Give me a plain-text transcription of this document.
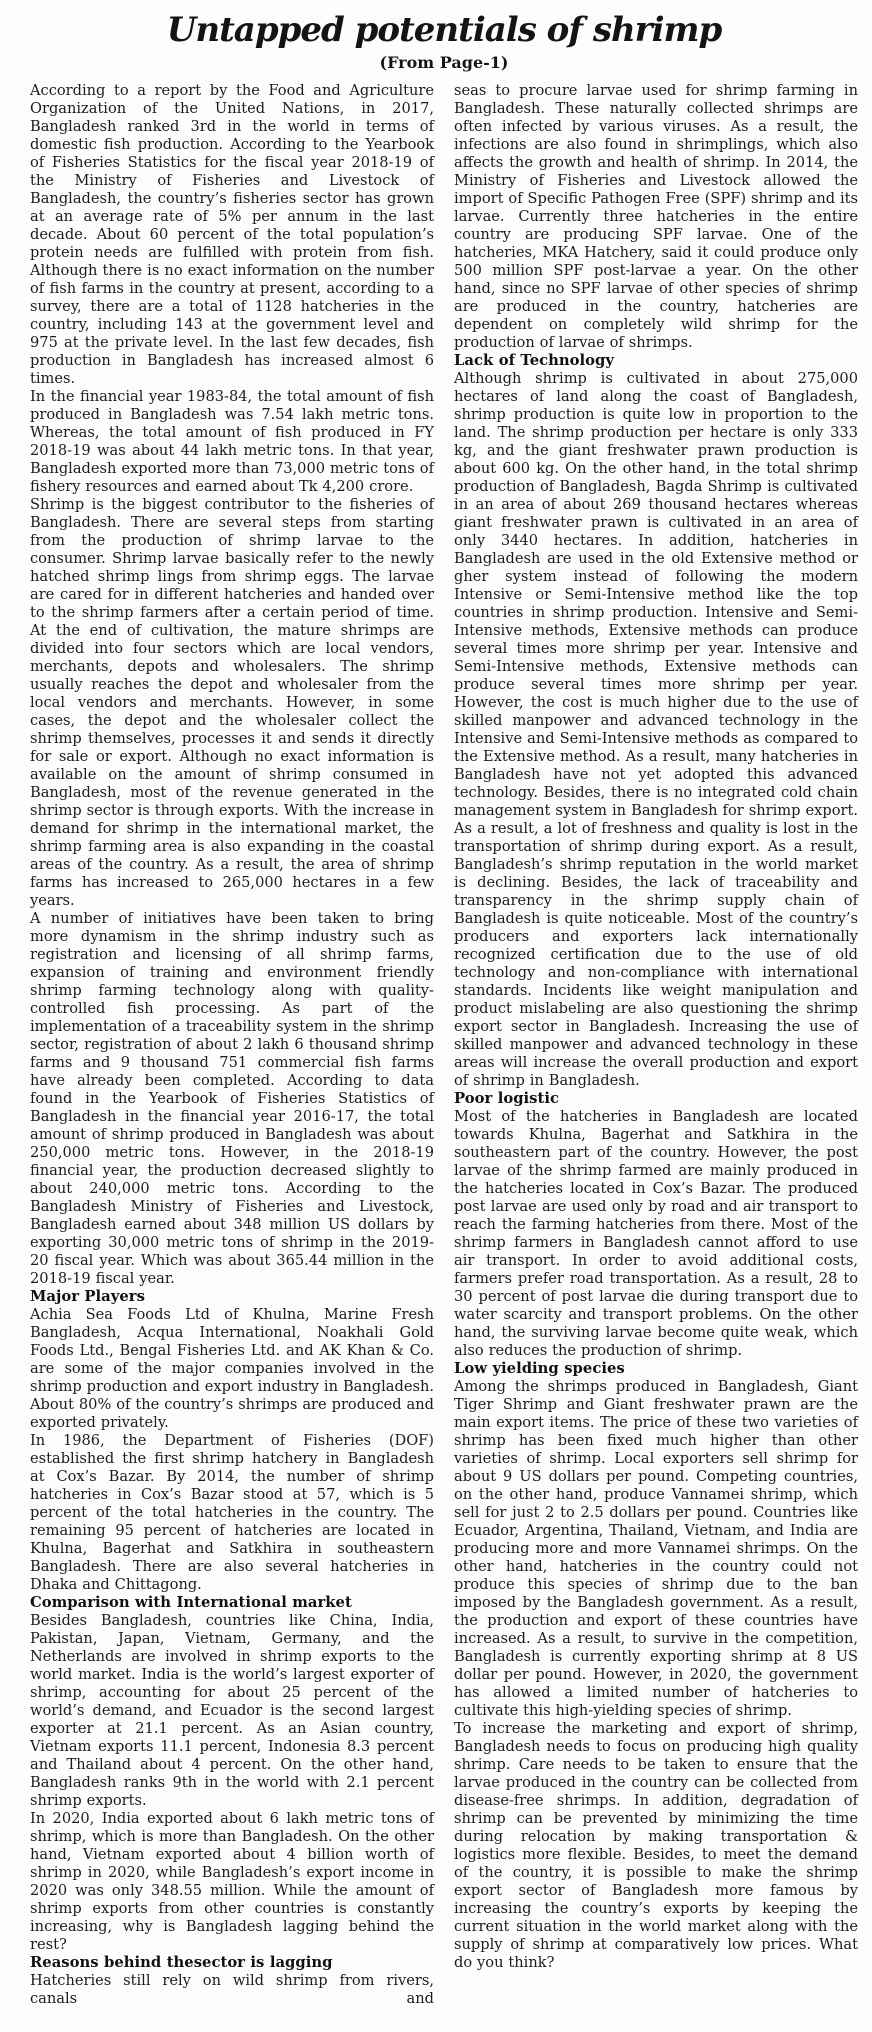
Untapped potentials of shrimp

(From Page-1)

According to a report by the Food and Agriculture Organization of the United Nations, in 2017, Bangladesh ranked 3rd in the world in terms of domestic fish production. According to the Yearbook of Fisheries Statistics for the fiscal year 2018-19 of the Ministry of Fisheries and Livestock of Bangladesh, the country’s fisheries sector has grown at an average rate of 5% per annum in the last decade. About 60 percent of the total population’s protein needs are fulfilled with protein from fish. Although there is no exact information on the number of fish farms in the country at present, according to a survey, there are a total of 1128 hatcheries in the country, including 143 at the government level and 975 at the private level. In the last few decades, fish production in Bangladesh has increased almost 6 times.

In the financial year 1983-84, the total amount of fish produced in Bangladesh was 7.54 lakh metric tons. Whereas, the total amount of fish produced in FY 2018-19 was about 44 lakh metric tons. In that year, Bangladesh exported more than 73,000 metric tons of fishery resources and earned about Tk 4,200 crore.

Shrimp is the biggest contributor to the fisheries of Bangladesh. There are several steps from starting from the production of shrimp larvae to the consumer. Shrimp larvae basically refer to the newly hatched shrimp lings from shrimp eggs. The larvae are cared for in different hatcheries and handed over to the shrimp farmers after a certain period of time. At the end of cultivation, the mature shrimps are divided into four sectors which are local vendors, merchants, depots and wholesalers. The shrimp usually reaches the depot and wholesaler from the local vendors and merchants. However, in some cases, the depot and the wholesaler collect the shrimp themselves, processes it and sends it directly for sale or export. Although no exact information is available on the amount of shrimp consumed in Bangladesh, most of the revenue generated in the shrimp sector is through exports. With the increase in demand for shrimp in the international market, the shrimp farming area is also expanding in the coastal areas of the country. As a result, the area of shrimp farms has increased to 265,000 hectares in a few years.

A number of initiatives have been taken to bring more dynamism in the shrimp industry such as registration and licensing of all shrimp farms, expansion of training and environment friendly shrimp farming technology along with quality-controlled fish processing. As part of the implementation of a traceability system in the shrimp sector, registration of about 2 lakh 6 thousand shrimp farms and 9 thousand 751 commercial fish farms have already been completed. According to data found in the Yearbook of Fisheries Statistics of Bangladesh in the financial year 2016-17, the total amount of shrimp produced in Bangladesh was about 250,000 metric tons. However, in the 2018-19 financial year, the production decreased slightly to about 240,000 metric tons. According to the Bangladesh Ministry of Fisheries and Livestock, Bangladesh earned about 348 million US dollars by exporting 30,000 metric tons of shrimp in the 2019-20 fiscal year. Which was about 365.44 million in the 2018-19 fiscal year.

Major Players

Achia Sea Foods Ltd of Khulna, Marine Fresh Bangladesh, Acqua International, Noakhali Gold Foods Ltd., Bengal Fisheries Ltd. and AK Khan & Co. are some of the major companies involved in the shrimp production and export industry in Bangladesh. About 80% of the country’s shrimps are produced and exported privately.

In 1986, the Department of Fisheries (DOF) established the first shrimp hatchery in Bangladesh at Cox’s Bazar. By 2014, the number of shrimp hatcheries in Cox’s Bazar stood at 57, which is 5 percent of the total hatcheries in the country. The remaining 95 percent of hatcheries are located in Khulna, Bagerhat and Satkhira in southeastern Bangladesh. There are also several hatcheries in Dhaka and Chittagong.

Comparison with International market

Besides Bangladesh, countries like China, India, Pakistan, Japan, Vietnam, Germany, and the Netherlands are involved in shrimp exports to the world market. India is the world’s largest exporter of shrimp, accounting for about 25 percent of the world’s demand, and Ecuador is the second largest exporter at 21.1 percent. As an Asian country, Vietnam exports 11.1 percent, Indonesia 8.3 percent and Thailand about 4 percent. On the other hand, Bangladesh ranks 9th in the world with 2.1 percent shrimp exports.

In 2020, India exported about 6 lakh metric tons of shrimp, which is more than Bangladesh. On the other hand, Vietnam exported about 4 billion worth of shrimp in 2020, while Bangladesh’s export income in 2020 was only 348.55 million. While the amount of shrimp exports from other countries is constantly increasing, why is Bangladesh lagging behind the rest?

Reasons behind thesector is lagging

Hatcheries still rely on wild shrimp from rivers, canals and

seas to procure larvae used for shrimp farming in Bangladesh. These naturally collected shrimps are often infected by various viruses. As a result, the infections are also found in shrimplings, which also affects the growth and health of shrimp. In 2014, the Ministry of Fisheries and Livestock allowed the import of Specific Pathogen Free (SPF) shrimp and its larvae. Currently three hatcheries in the entire country are producing SPF larvae. One of the hatcheries, MKA Hatchery, said it could produce only 500 million SPF post-larvae a year. On the other hand, since no SPF larvae of other species of shrimp are produced in the country, hatcheries are dependent on completely wild shrimp for the production of larvae of shrimps.

Lack of Technology

Although shrimp is cultivated in about 275,000 hectares of land along the coast of Bangladesh, shrimp production is quite low in proportion to the land. The shrimp production per hectare is only 333 kg, and the giant freshwater prawn production is about 600 kg. On the other hand, in the total shrimp production of Bangladesh, Bagda Shrimp is cultivated in an area of about 269 thousand hectares whereas giant freshwater prawn is cultivated in an area of only 3440 hectares. In addition, hatcheries in Bangladesh are used in the old Extensive method or gher system instead of following the modern Intensive or Semi-Intensive method like the top countries in shrimp production. Intensive and Semi-Intensive methods, Extensive methods can produce several times more shrimp per year. Intensive and Semi-Intensive methods, Extensive methods can produce several times more shrimp per year. However, the cost is much higher due to the use of skilled manpower and advanced technology in the Intensive and Semi-Intensive methods as compared to the Extensive method. As a result, many hatcheries in Bangladesh have not yet adopted this advanced technology. Besides, there is no integrated cold chain management system in Bangladesh for shrimp export. As a result, a lot of freshness and quality is lost in the transportation of shrimp during export. As a result, Bangladesh’s shrimp reputation in the world market is declining. Besides, the lack of traceability and transparency in the shrimp supply chain of Bangladesh is quite noticeable. Most of the country’s producers and exporters lack internationally recognized certification due to the use of old technology and non-compliance with international standards. Incidents like weight manipulation and product mislabeling are also questioning the shrimp export sector in Bangladesh. Increasing the use of skilled manpower and advanced technology in these areas will increase the overall production and export of shrimp in Bangladesh.

Poor logistic

Most of the hatcheries in Bangladesh are located towards Khulna, Bagerhat and Satkhira in the southeastern part of the country. However, the post larvae of the shrimp farmed are mainly produced in the hatcheries located in Cox’s Bazar. The produced post larvae are used only by road and air transport to reach the farming hatcheries from there. Most of the shrimp farmers in Bangladesh cannot afford to use air transport. In order to avoid additional costs, farmers prefer road transportation. As a result, 28 to 30 percent of post larvae die during transport due to water scarcity and transport problems. On the other hand, the surviving larvae become quite weak, which also reduces the production of shrimp.

Low yielding species

Among the shrimps produced in Bangladesh, Giant Tiger Shrimp and Giant freshwater prawn are the main export items. The price of these two varieties of shrimp has been fixed much higher than other varieties of shrimp. Local exporters sell shrimp for about 9 US dollars per pound. Competing countries, on the other hand, produce Vannamei shrimp, which sell for just 2 to 2.5 dollars per pound. Countries like Ecuador, Argentina, Thailand, Vietnam, and India are producing more and more Vannamei shrimps. On the other hand, hatcheries in the country could not produce this species of shrimp due to the ban imposed by the Bangladesh government. As a result, the production and export of these countries have increased. As a result, to survive in the competition, Bangladesh is currently exporting shrimp at 8 US dollar per pound. However, in 2020, the government has allowed a limited number of hatcheries to cultivate this high-yielding species of shrimp.

To increase the marketing and export of shrimp, Bangladesh needs to focus on producing high quality shrimp. Care needs to be taken to ensure that the larvae produced in the country can be collected from disease-free shrimps. In addition, degradation of shrimp can be prevented by minimizing the time during relocation by making transportation & logistics more flexible. Besides, to meet the demand of the country, it is possible to make the shrimp export sector of Bangladesh more famous by increasing the country’s exports by keeping the current situation in the world market along with the supply of shrimp at comparatively low prices. What do you think?
